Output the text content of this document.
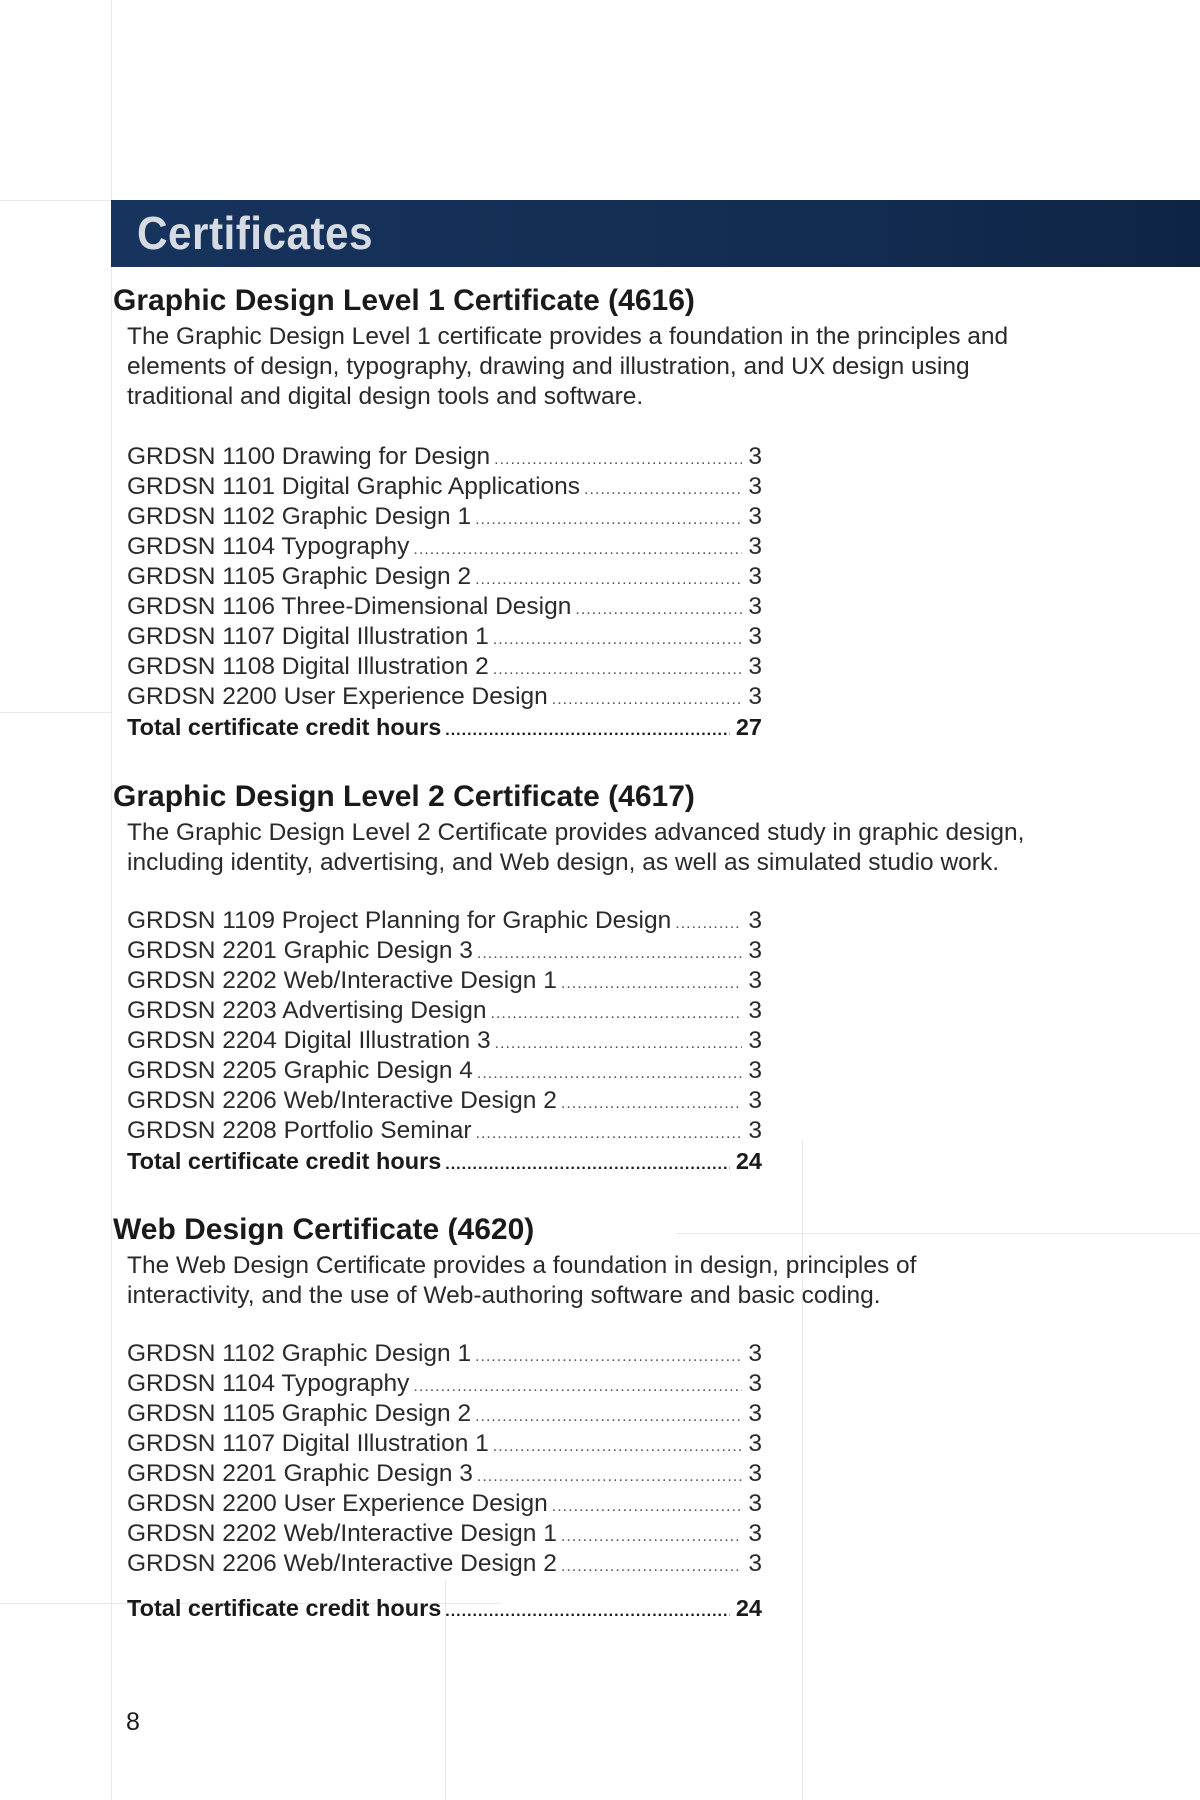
Certificates
Graphic Design Level 1 Certificate (4616)

The Graphic Design Level 1 certificate provides a foundation in the principles and elements of design, typography, drawing and illustration, and UX design using traditional and digital design tools and software.

GRDSN 1100 Drawing for Design .....	3
GRDSN 1101 Digital Graphic Applications .....	3
GRDSN 1102 Graphic Design 1 .....	3
GRDSN 1104 Typography .....	3
GRDSN 1105 Graphic Design 2 .....	3
GRDSN 1106 Three-Dimensional Design .....	3
GRDSN 1107 Digital Illustration 1 .....	3
GRDSN 1108 Digital Illustration 2 .....	3
GRDSN 2200 User Experience Design .....	3
Total certificate credit hours .....	27
Graphic Design Level 2 Certificate (4617)

The Graphic Design Level 2 Certificate provides advanced study in graphic design, including identity, advertising, and Web design, as well as simulated studio work.

GRDSN 1109 Project Planning for Graphic Design .....	3
GRDSN 2201 Graphic Design 3 .....	3
GRDSN 2202 Web/Interactive Design 1 .....	3
GRDSN 2203 Advertising Design .....	3
GRDSN 2204 Digital Illustration 3 .....	3
GRDSN 2205 Graphic Design 4 .....	3
GRDSN 2206 Web/Interactive Design 2 .....	3
GRDSN 2208 Portfolio Seminar .....	3
Total certificate credit hours .....	24
Web Design Certificate (4620)

The Web Design Certificate provides a foundation in design, principles of interactivity, and the use of Web-authoring software and basic coding.

GRDSN 1102 Graphic Design 1 .....	3
GRDSN 1104 Typography .....	3
GRDSN 1105 Graphic Design 2 .....	3
GRDSN 1107 Digital Illustration 1 .....	3
GRDSN 2201 Graphic Design 3 .....	3
GRDSN 2200 User Experience Design .....	3
GRDSN 2202 Web/Interactive Design 1 .....	3
GRDSN 2206 Web/Interactive Design 2 .....	3
Total certificate credit hours .....	24

8
